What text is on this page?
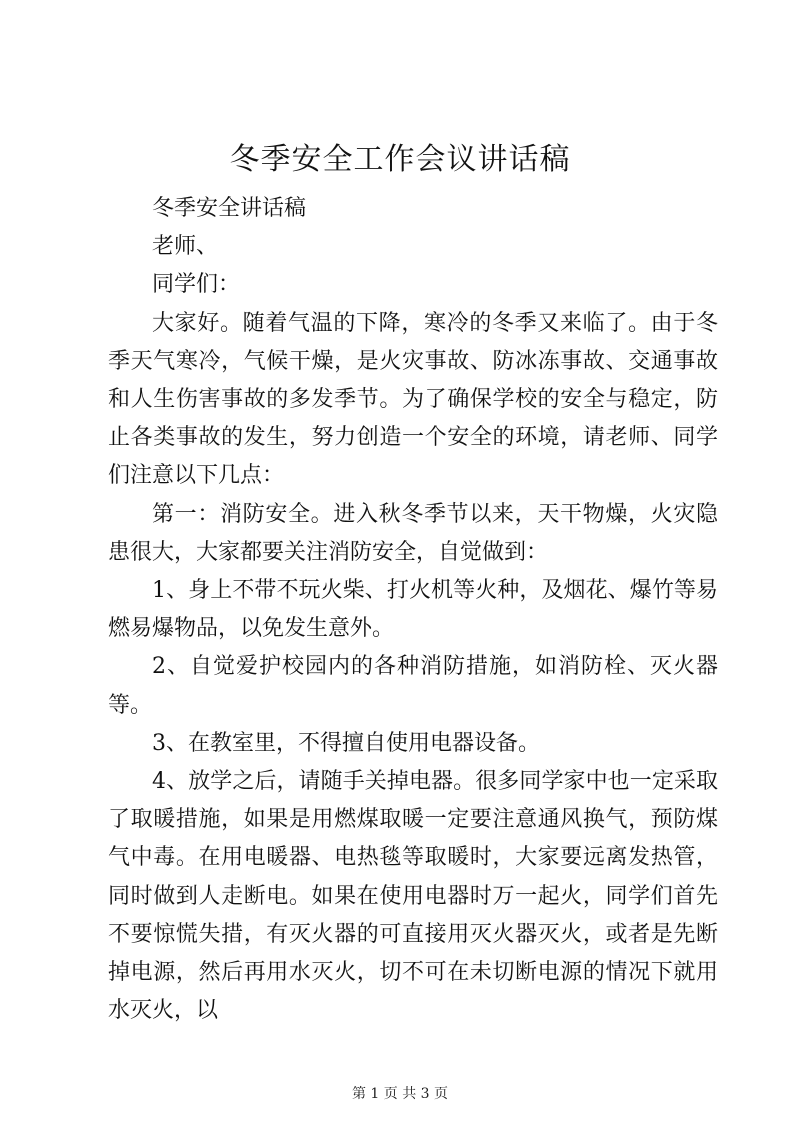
冬季安全工作会议讲话稿

冬季安全讲话稿

老师、

同学们：

大家好。随着气温的下降，寒冷的冬季又来临了。由于冬季天气寒冷，气候干燥，是火灾事故、防冰冻事故、交通事故和人生伤害事故的多发季节。为了确保学校的安全与稳定，防止各类事故的发生，努力创造一个安全的环境，请老师、同学们注意以下几点：

第一：消防安全。进入秋冬季节以来，天干物燥，火灾隐患很大，大家都要关注消防安全，自觉做到：

1、身上不带不玩火柴、打火机等火种，及烟花、爆竹等易燃易爆物品，以免发生意外。

2、自觉爱护校园内的各种消防措施，如消防栓、灭火器等。

3、在教室里，不得擅自使用电器设备。

4、放学之后，请随手关掉电器。很多同学家中也一定采取了取暖措施，如果是用燃煤取暖一定要注意通风换气，预防煤气中毒。在用电暖器、电热毯等取暖时，大家要远离发热管，同时做到人走断电。如果在使用电器时万一起火，同学们首先不要惊慌失措，有灭火器的可直接用灭火器灭火，或者是先断掉电源，然后再用水灭火，切不可在未切断电源的情况下就用水灭火，以

第 1 页 共 3 页
